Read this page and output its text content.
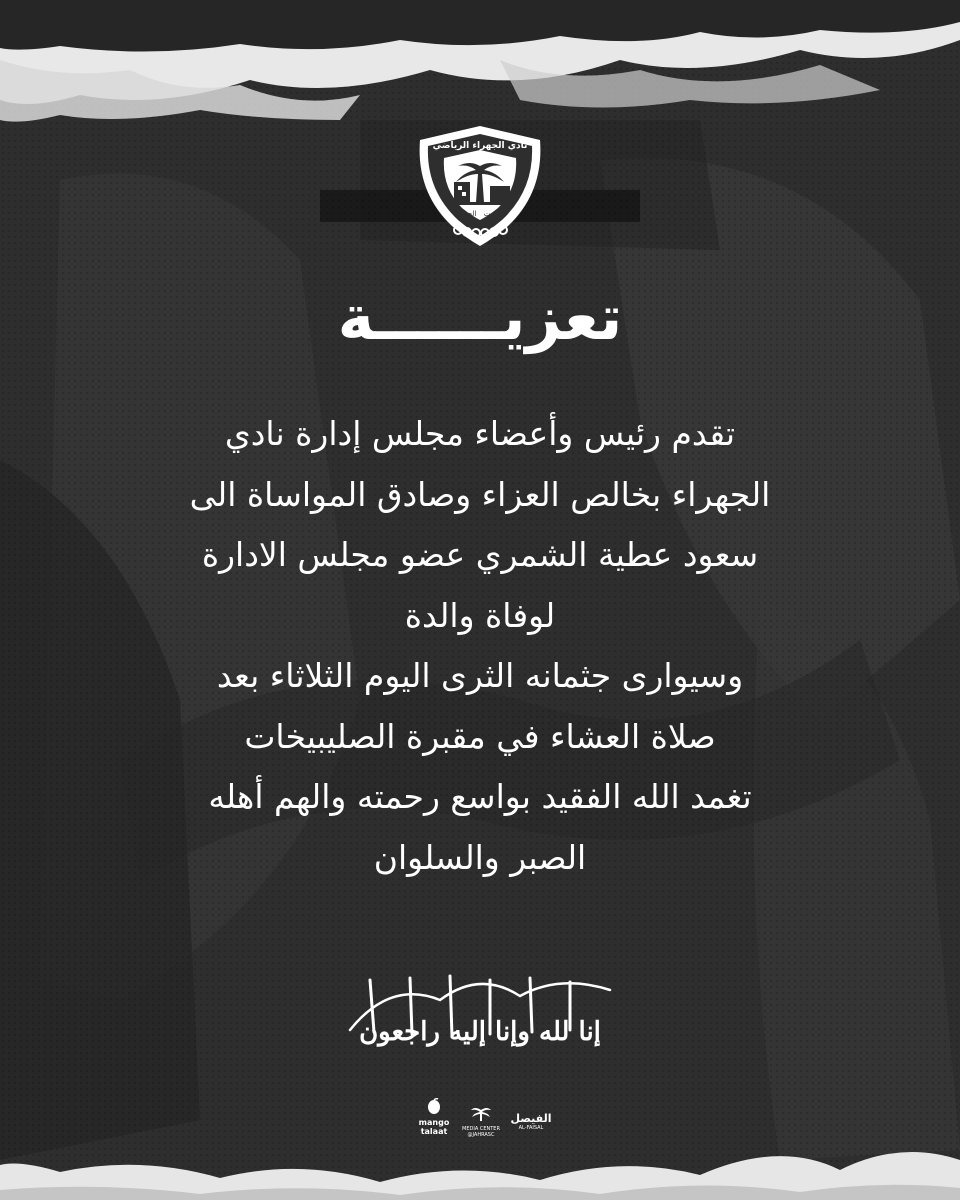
نادي الجهراء الرياضي
الكويت
الجهراء
تعزيــــــة
تقدم رئيس وأعضاء مجلس إدارة نادي
الجهراء بخالص العزاء وصادق المواساة الى
سعود عطية الشمري عضو مجلس الادارة
لوفاة والدة
وسيوارى جثمانه الثرى اليوم الثلاثاء بعد
صلاة العشاء في مقبرة الصليبيخات
تغمد الله الفقيد بواسع رحمته والهم أهله
الصبر والسلوان
إنا لله وإنا إليه راجعون
mango
talaat	MEDIA CENTER
@JAHRASC
الفيصل
AL-FAISAL
